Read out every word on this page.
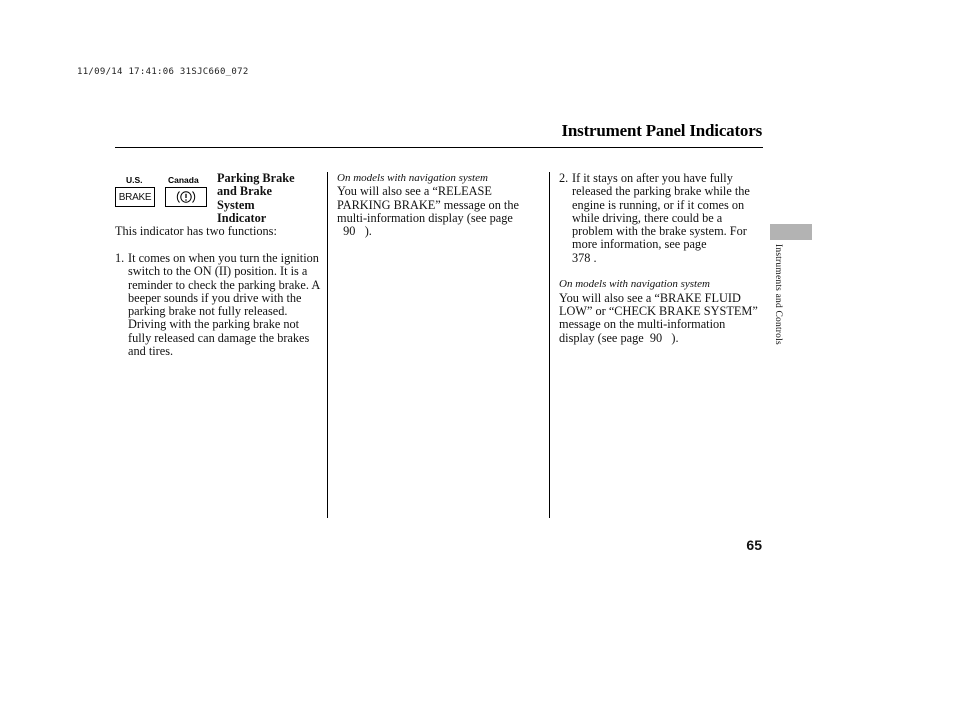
11/09/14 17:41:06 31SJC660_072
Instrument Panel Indicators
U.S.	Canada
BRAKE
Parking Brake
and Brake
System
Indicator
This indicator has two functions:
1. It comes on when you turn the ignition switch to the ON (II) position. It is a reminder to check the parking brake. A beeper sounds if you drive with the parking brake not fully released. Driving with the parking brake not fully released can damage the brakes and tires.
On models with navigation system
You will also see a “RELEASE PARKING BRAKE” message on the multi-information display (see page
90 ).
2. If it stays on after you have fully released the parking brake while the engine is running, or if it comes on while driving, there could be a problem with the brake system. For more information, see page
378 .
On models with navigation system
You will also see a “BRAKE FLUID LOW” or “CHECK BRAKE SYSTEM” message on the multi-information display (see page 90 ).	Instruments and Controls
65
